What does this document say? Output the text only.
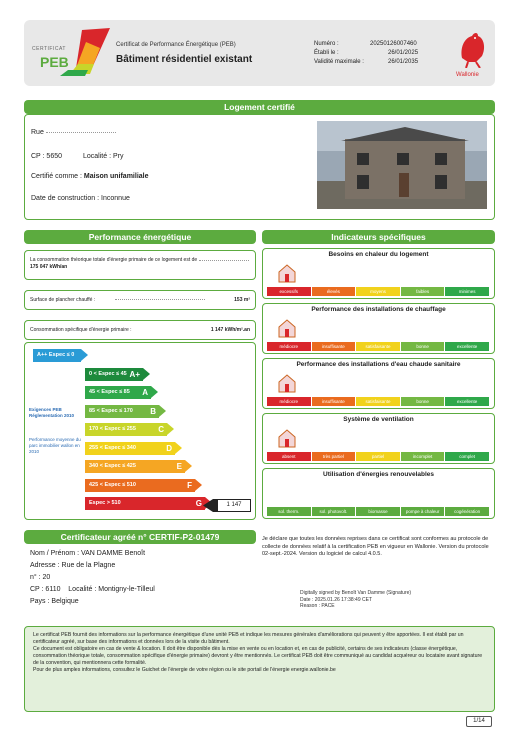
CERTIFICAT
PEB
Certificat de Performance Énergétique (PEB)
Bâtiment résidentiel existant
Numéro :	20250126007460
Établi le :	26/01/2025
Validité maximale :	26/01/2035
Wallonie
Logement certifié
Rue
CP : 5650	Localité : Pry
Certifié comme : Maison unifamiliale
Date de construction : Inconnue
Performance énergétique
La consommation théorique totale d'énergie primaire de ce logement est de  175 047 kWh/an
Surface de plancher chauffé :	153 m²
Consommation spécifique d'énergie primaire :	1 147 kWh/m².an
A++ Espec ≤ 0
0 < Espec ≤ 45 A+
45 < Espec ≤ 85 A
85 < Espec ≤ 170 B
170 < Espec ≤ 255	C
255 < Espec ≤ 340	D
340 < Espec ≤ 425	E
425 < Espec ≤ 510	F
Espec > 510	G
Exigences PEB Réglementation 2010
Performance moyenne du parc immobilier wallon en 2010
1 147
Indicateurs spécifiques
Besoins en chaleur du logement
excessifs	élevés	moyens	faibles	minimes
Performance des installations de chauffage
médiocre	insuffisante	satisfaisante	bonne	excellente
Performance des installations d'eau chaude sanitaire
médiocre	insuffisante	satisfaisante	bonne	excellente
Système de ventilation
absent	très partiel	partiel	incomplet	complet
Utilisation d'énergies renouvelables
sol. therm.	sol. photovolt.	biomasse	pompe à chaleur	cogénération
Certificateur agréé n° CERTIF-P2-01479
Nom / Prénom : VAN DAMME Benoît
Adresse : Rue de la Plagne
n° : 20
CP : 6110 Localité : Montigny-le-Tilleul
Pays : Belgique
Je déclare que toutes les données reprises dans ce certificat sont conformes au protocole de collecte de données relatif à la certification PEB en vigueur en Wallonie. Version du protocole 02-sept.-2024. Version du logiciel de calcul 4.0.5.
Digitally signed by Benoît Van Damme (Signature)
Date : 2025.01.26 17:38:49 CET
Reason : PACE

Le certificat PEB fournit des informations sur la performance énergétique d'une unité PEB et indique les mesures générales d'améliorations qui peuvent y être apportées. Il est établi par un certificateur agréé, sur base des informations et données lors de la visite du bâtiment.

Ce document est obligatoire en cas de vente & location. Il doit être disponible dès la mise en vente ou en location et, en cas de publicité, certains de ses indicateurs (classe énergétique, consommation théorique totale, consommation spécifique d'énergie primaire) devront y être mentionnés. Le certificat PEB doit être communiqué au candidat acquéreur ou locataire avant signature de la convention, qui mentionnera cette formalité.

Pour de plus amples informations, consultez le Guichet de l'énergie de votre région ou le site portail de l'énergie energie.wallonie.be

1/14
